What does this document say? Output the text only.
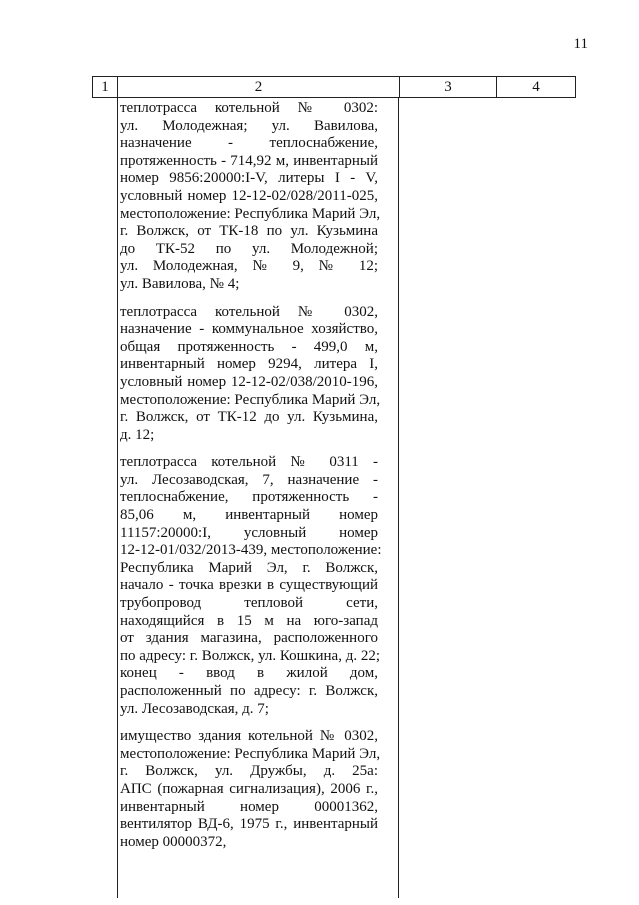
11
1	2	3	4
теплотрасса котельной № 0302:
ул. Молодежная; ул. Вавилова,
назначение - теплоснабжение,
протяженность - 714,92 м, инвентарный
номер 9856:20000:I-V, литеры I - V,
условный номер 12-12-02/028/2011-025,
местоположение: Республика Марий Эл,
г. Волжск, от ТК-18 по ул. Кузьмина
до ТК-52 по ул. Молодежной;
ул. Молодежная, № 9, № 12;
ул. Вавилова, № 4;
теплотрасса котельной № 0302,
назначение - коммунальное хозяйство,
общая протяженность - 499,0 м,
инвентарный номер 9294, литера I,
условный номер 12-12-02/038/2010-196,
местоположение: Республика Марий Эл,
г. Волжск, от ТК-12 до ул. Кузьмина,
д. 12;
теплотрасса котельной № 0311 -
ул. Лесозаводская, 7, назначение -
теплоснабжение, протяженность -
85,06 м, инвентарный номер
11157:20000:I, условный номер
12-12-01/032/2013-439, местоположение:
Республика Марий Эл, г. Волжск,
начало - точка врезки в существующий
трубопровод тепловой сети,
находящийся в 15 м на юго-запад
от здания магазина, расположенного
по адресу: г. Волжск, ул. Кошкина, д. 22;
конец - ввод в жилой дом,
расположенный по адресу: г. Волжск,
ул. Лесозаводская, д. 7;
имущество здания котельной № 0302,
местоположение: Республика Марий Эл,
г. Волжск, ул. Дружбы, д. 25а:
АПС (пожарная сигнализация), 2006 г.,
инвентарный номер 00001362,
вентилятор ВД-6, 1975 г., инвентарный
номер 00000372,
